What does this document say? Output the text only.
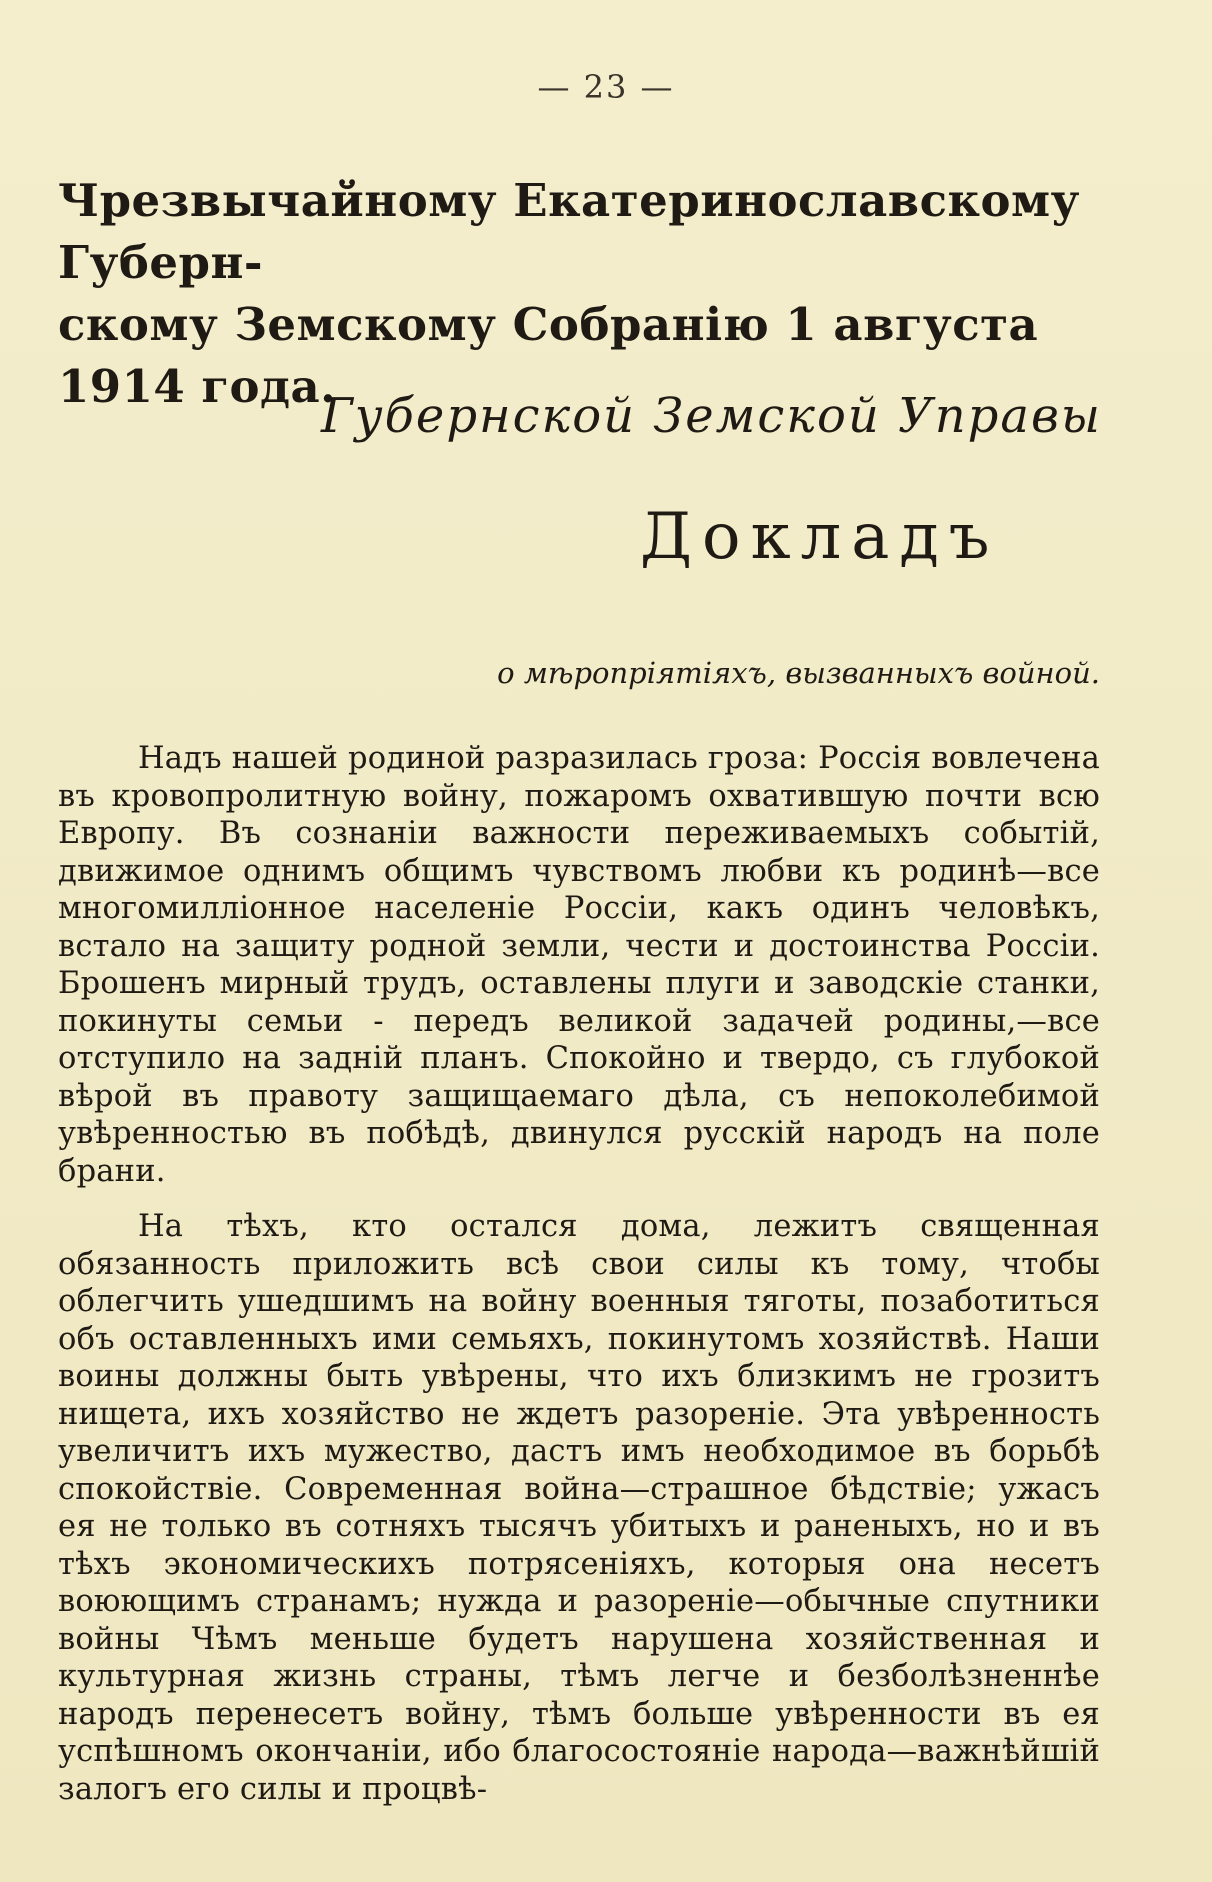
— 23 —
Чрезвычайному Екатеринославскому Губерн-
скому Земскому Собранію 1 августа 1914 года.
Губернской Земской Управы
Докладъ
о мѣропріятіяхъ, вызванныхъ войной.

Надъ нашей родиной разразилась гроза: Россія вовлечена въ кровопролитную войну, пожаромъ охватившую почти всю Европу. Въ сознаніи важности переживаемыхъ событій, движимое однимъ общимъ чувствомъ любви къ родинѣ—все многомилліонное населеніе Россіи, какъ одинъ человѣкъ, встало на защиту родной земли, чести и достоинства Россіи. Брошенъ мирный трудъ, оставлены плуги и заводскіе станки, покинуты семьи - передъ великой задачей родины,—все отступило на задній планъ. Спокойно и твердо, съ глубокой вѣрой въ правоту защищаемаго дѣла, съ непоколебимой увѣренностью въ побѣдѣ, двинулся русскій народъ на поле брани.

На тѣхъ, кто остался дома, лежитъ священная обязанность приложить всѣ свои силы къ тому, чтобы облегчить ушедшимъ на войну военныя тяготы, позаботиться объ оставленныхъ ими семьяхъ, покинутомъ хозяйствѣ. Наши воины должны быть увѣрены, что ихъ близкимъ не грозитъ нищета, ихъ хозяйство не ждетъ разореніе. Эта увѣренность увеличитъ ихъ мужество, дастъ имъ необходимое въ борьбѣ спокойствіе. Современная война—страшное бѣдствіе; ужасъ ея не только въ сотняхъ тысячъ убитыхъ и раненыхъ, но и въ тѣхъ экономическихъ потрясеніяхъ, которыя она несетъ воюющимъ странамъ; нужда и разореніе—обычные спутники войны Чѣмъ меньше будетъ нарушена хозяйственная и культурная жизнь страны, тѣмъ легче и безболѣзненнѣе народъ перенесетъ войну, тѣмъ больше увѣренности въ ея успѣшномъ окончаніи, ибо благосостояніе народа—важнѣйшій залогъ его силы и процвѣ-
